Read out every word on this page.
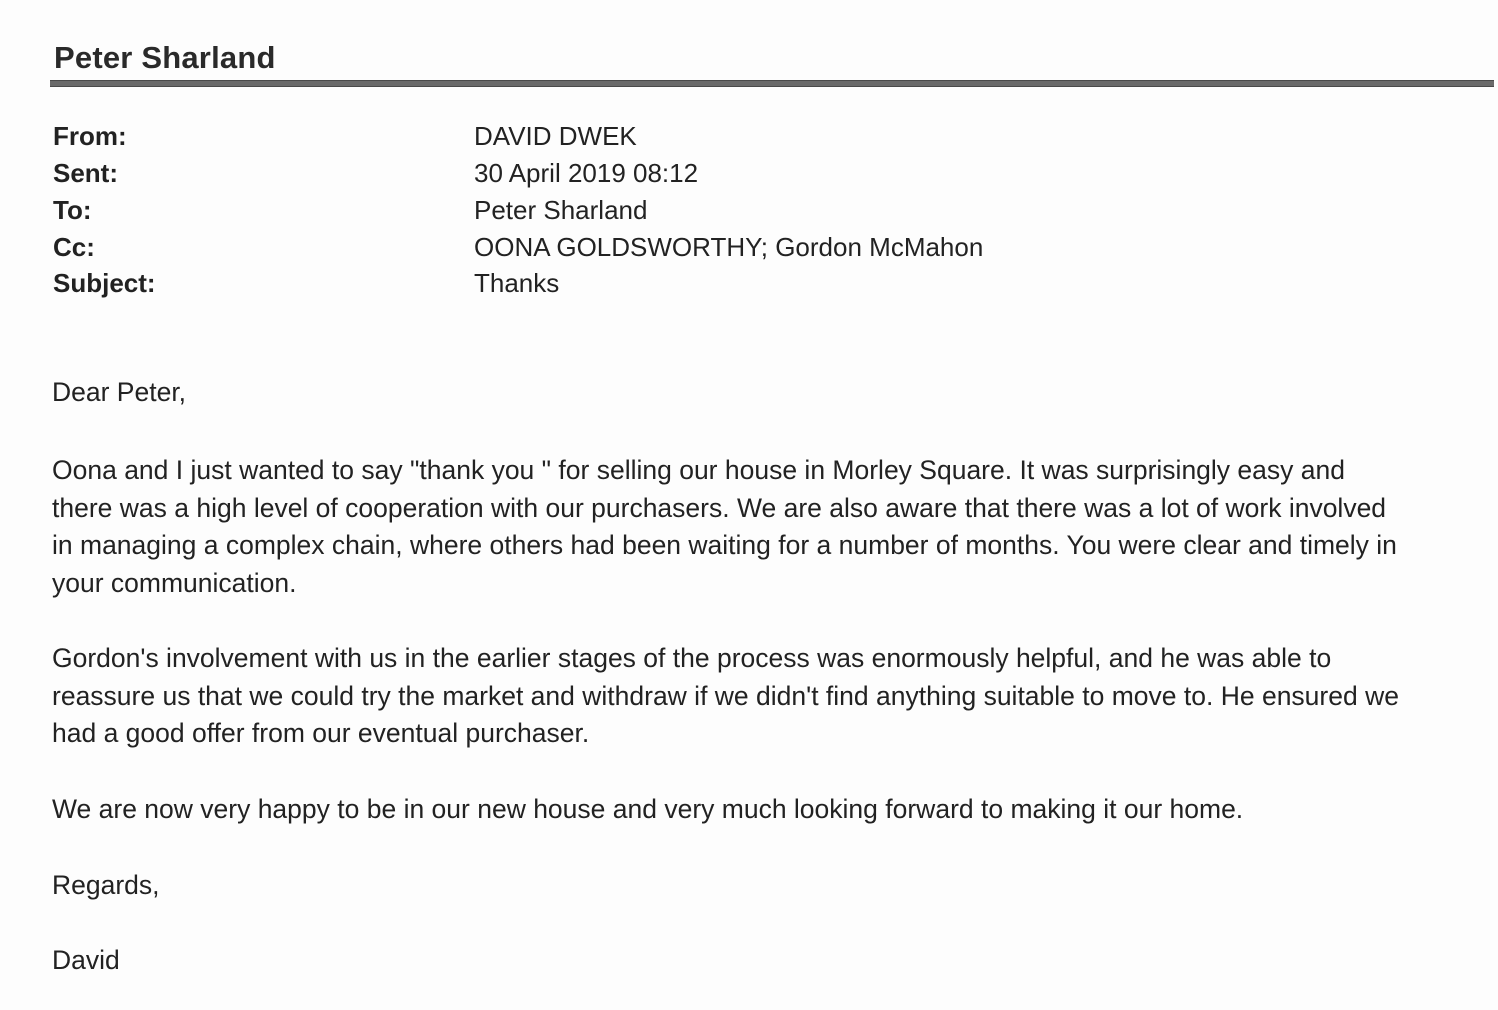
Peter Sharland
From:	DAVID DWEK
Sent:	30 April 2019 08:12
To:	Peter Sharland
Cc:	OONA GOLDSWORTHY; Gordon McMahon
Subject:	Thanks
Dear Peter,
Oona and I just wanted to say "thank you " for selling our house in Morley Square. It was surprisingly easy and
there was a high level of cooperation with our purchasers. We are also aware that there was a lot of work involved
in managing a complex chain, where others had been waiting for a number of months. You were clear and timely in
your communication.
Gordon's involvement with us in the earlier stages of the process was enormously helpful, and he was able to
reassure us that we could try the market and withdraw if we didn't find anything suitable to move to. He ensured we
had a good offer from our eventual purchaser.
We are now very happy to be in our new house and very much looking forward to making it our home.
Regards,
David
